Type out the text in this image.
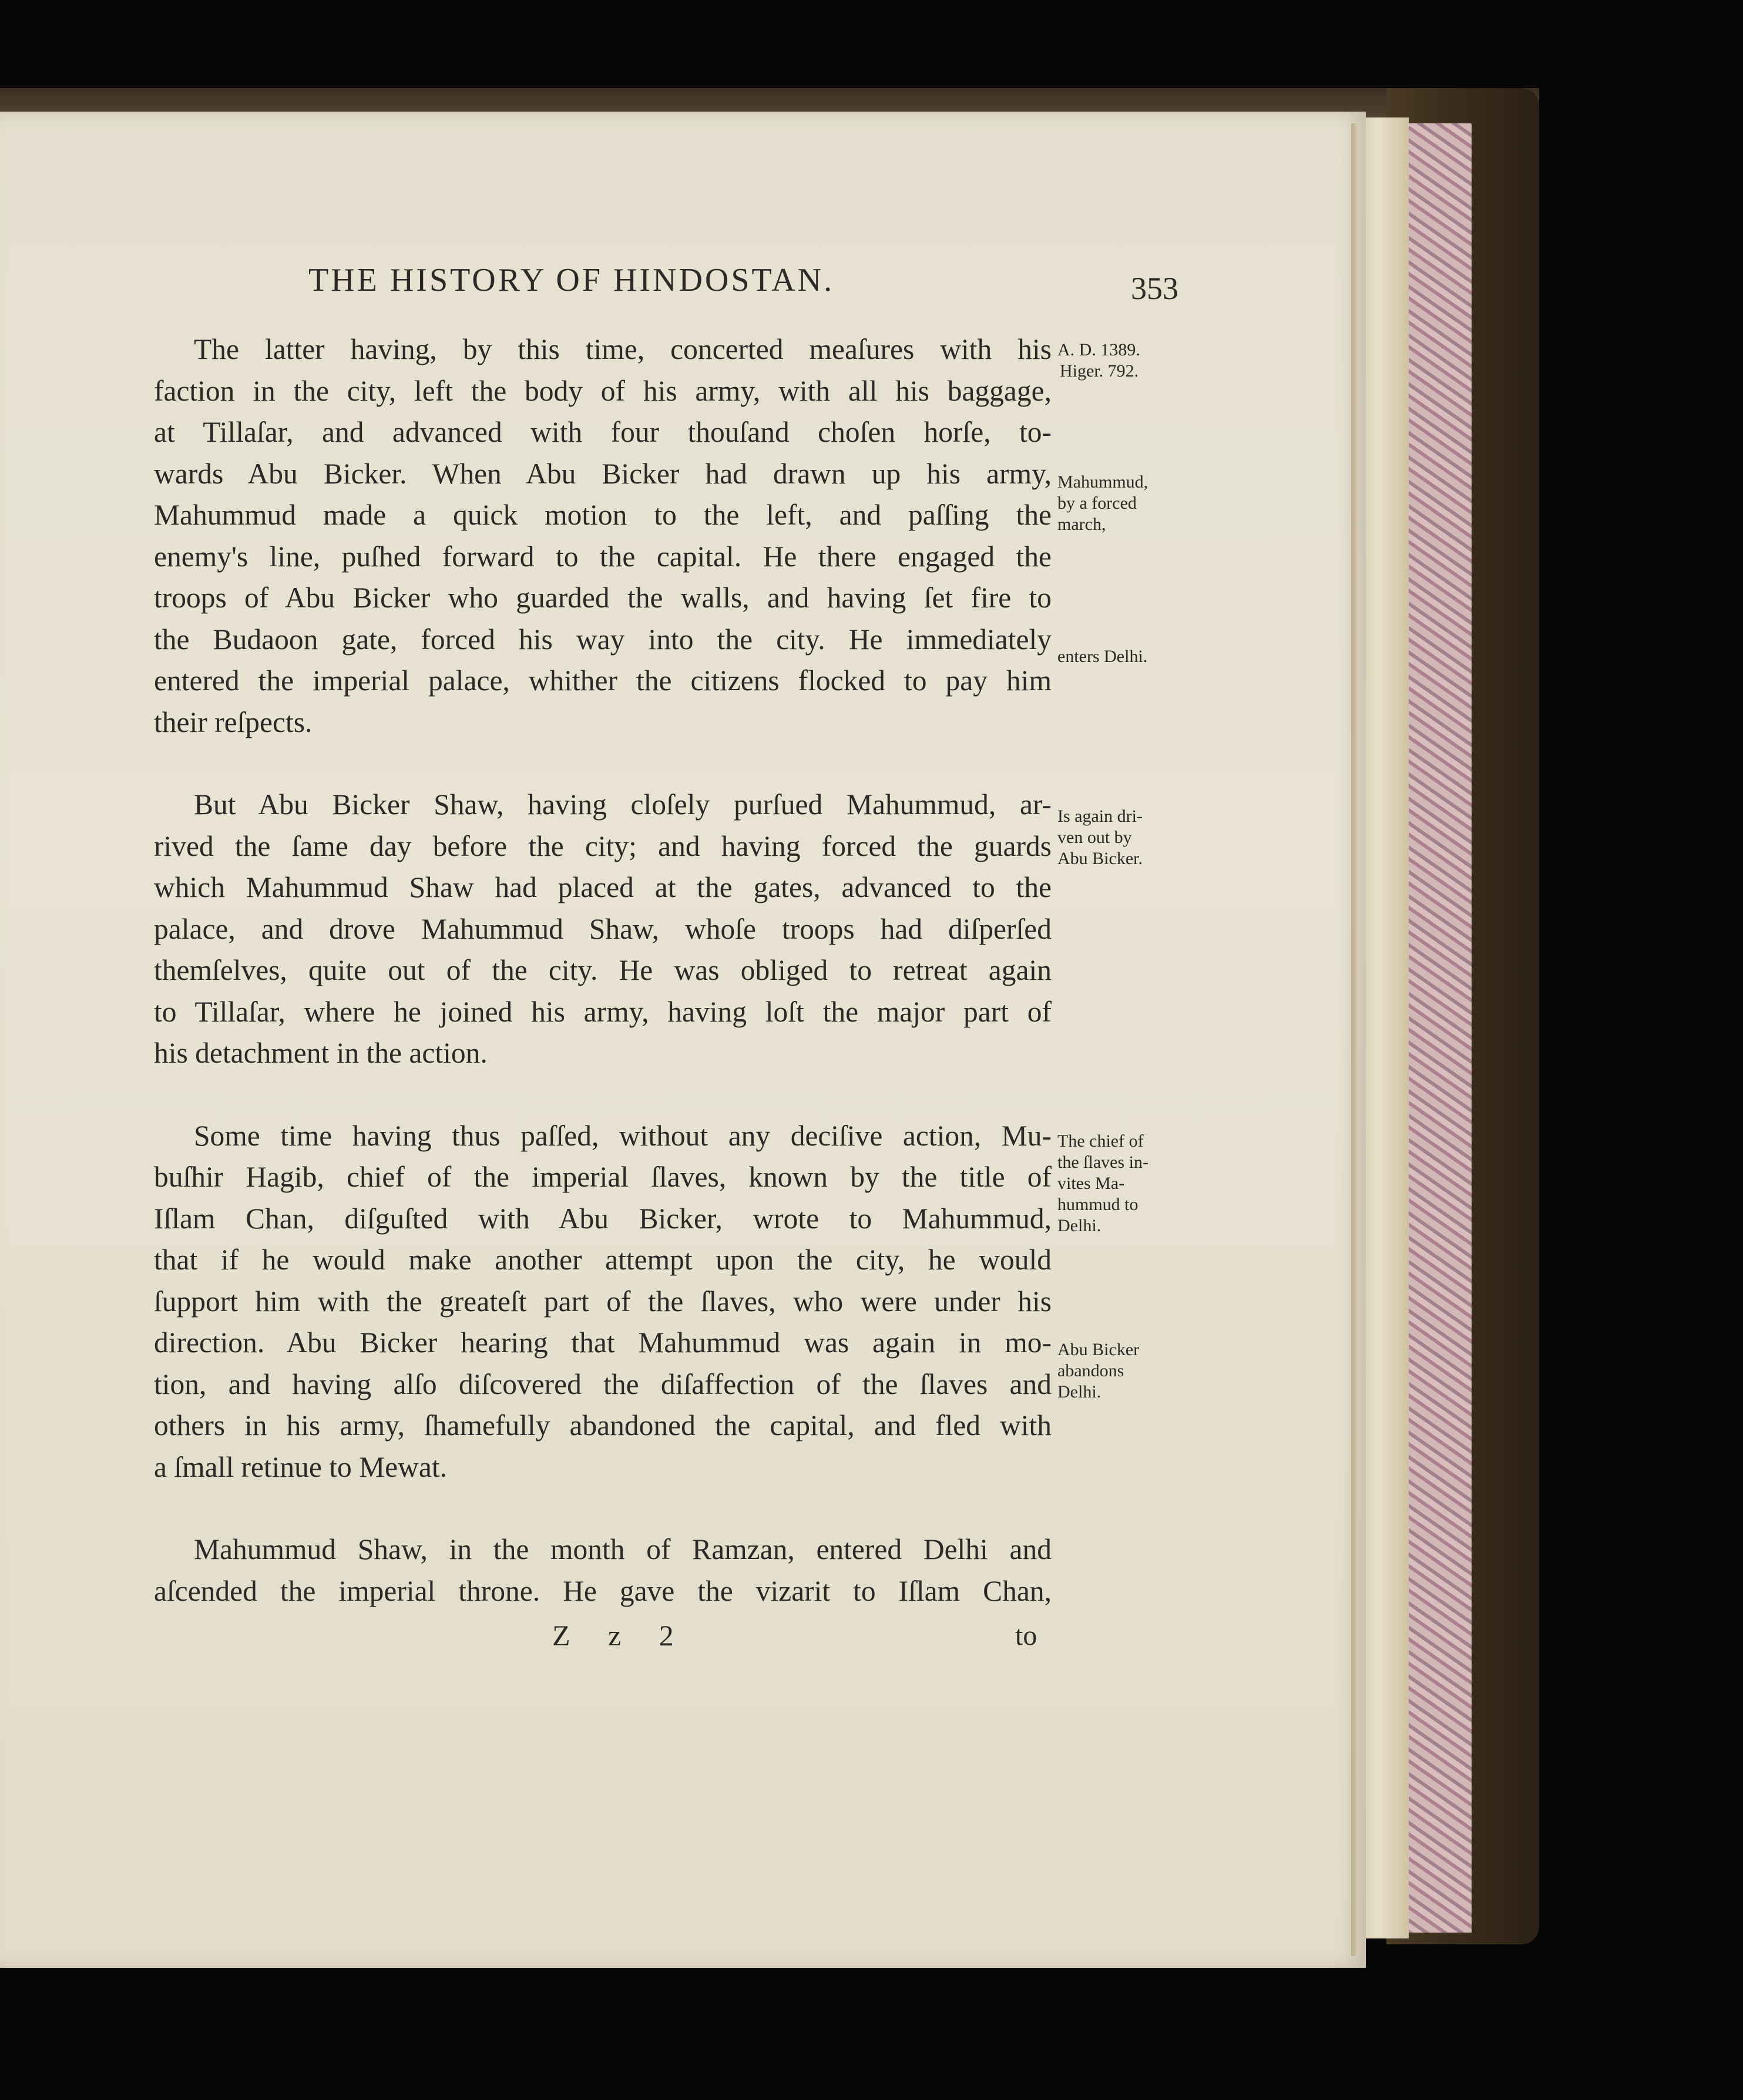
THE HISTORY OF HINDOSTAN.	353
The latter having, by this time, concerted meaſures with his
faction in the city, left the body of his army, with all his baggage,
at Tillaſar, and advanced with four thouſand choſen horſe, to-
wards Abu Bicker. When Abu Bicker had drawn up his army,
Mahummud made a quick motion to the left, and paſſing the
enemy's line, puſhed forward to the capital. He there engaged the
troops of Abu Bicker who guarded the walls, and having ſet fire to
the Budaoon gate, forced his way into the city. He immediately
entered the imperial palace, whither the citizens flocked to pay him
their reſpects.
But Abu Bicker Shaw, having cloſely purſued Mahummud, ar-
rived the ſame day before the city; and having forced the guards
which Mahummud Shaw had placed at the gates, advanced to the
palace, and drove Mahummud Shaw, whoſe troops had diſperſed
themſelves, quite out of the city. He was obliged to retreat again
to Tillaſar, where he joined his army, having loſt the major part of
his detachment in the action.
Some time having thus paſſed, without any deciſive action, Mu-
buſhir Hagib, chief of the imperial ſlaves, known by the title of
Iſlam Chan, diſguſted with Abu Bicker, wrote to Mahummud,
that if he would make another attempt upon the city, he would
ſupport him with the greateſt part of the ſlaves, who were under his
direction. Abu Bicker hearing that Mahummud was again in mo-
tion, and having alſo diſcovered the diſaffection of the ſlaves and
others in his army, ſhamefully abandoned the capital, and fled with
a ſmall retinue to Mewat.
Mahummud Shaw, in the month of Ramzan, entered Delhi and
aſcended the imperial throne. He gave the vizarit to Iſlam Chan,
Z z 2	to
A. D. 1389.
Higer. 792.
Mahummud,
by a forced
march,
enters Delhi.
Is again dri-
ven out by
Abu Bicker.
The chief of
the ſlaves in-
vites Ma-
hummud to
Delhi.
Abu Bicker
abandons
Delhi.
